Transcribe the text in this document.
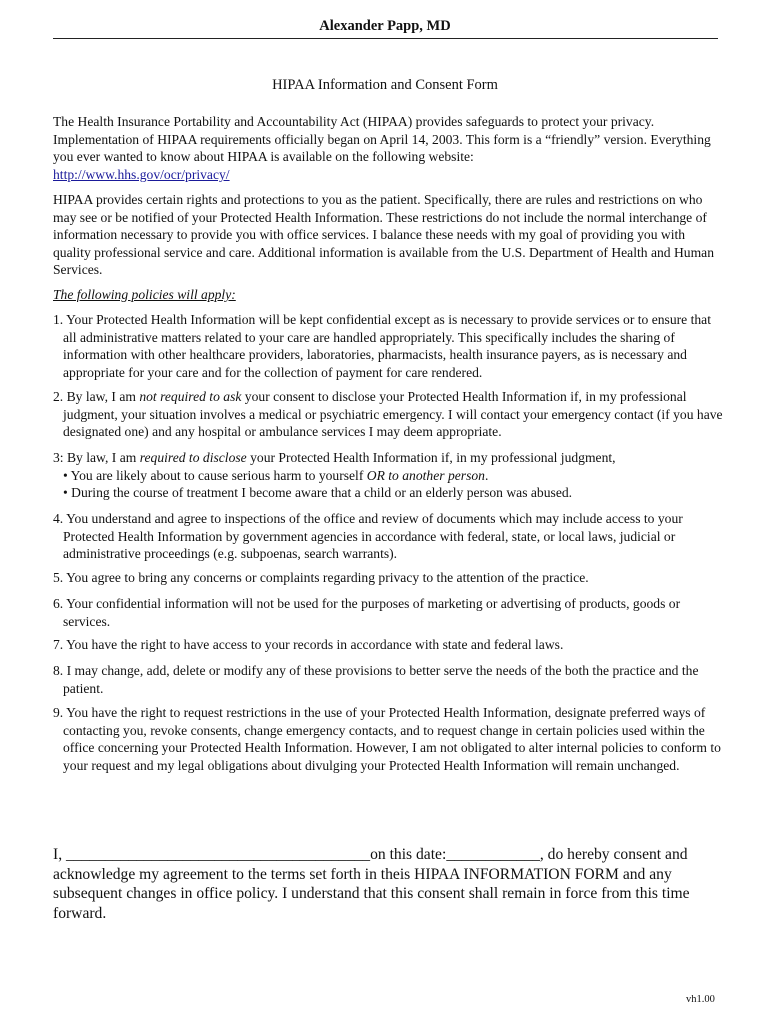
Alexander Papp, MD
HIPAA Information and Consent Form

The Health Insurance Portability and Accountability Act (HIPAA) provides safeguards to protect your privacy. Implementation of HIPAA requirements officially began on April 14, 2003. This form is a “friendly” version. Everything you ever wanted to know about HIPAA is available on the following website:

http://www.hhs.gov/ocr/privacy/

HIPAA provides certain rights and protections to you as the patient. Specifically, there are rules and restrictions on who may see or be notified of your Protected Health Information. These restrictions do not include the normal interchange of information necessary to provide you with office services. I balance these needs with my goal of providing you with quality professional service and care. Additional information is available from the U.S. Department of Health and Human Services.

The following policies will apply:

1. Your Protected Health Information will be kept confidential except as is necessary to provide services or to ensure that all administrative matters related to your care are handled appropriately. This specifically includes the sharing of information with other healthcare providers, laboratories, pharmacists, health insurance payers, as is necessary and appropriate for your care and for the collection of payment for care rendered.

2. By law, I am not required to ask your consent to disclose your Protected Health Information if, in my professional judgment, your situation involves a medical or psychiatric emergency. I will contact your emergency contact (if you have designated one) and any hospital or ambulance services I may deem appropriate.

3: By law, I am required to disclose your Protected Health Information if, in my professional judgment,

• You are likely about to cause serious harm to yourself OR to another person.

• During the course of treatment I become aware that a child or an elderly person was abused.

4. You understand and agree to inspections of the office and review of documents which may include access to your Protected Health Information by government agencies in accordance with federal, state, or local laws, judicial or administrative proceedings (e.g. subpoenas, search warrants).

5. You agree to bring any concerns or complaints regarding privacy to the attention of the practice.

6. Your confidential information will not be used for the purposes of marketing or advertising of products, goods or services.

7. You have the right to have access to your records in accordance with state and federal laws.

8. I may change, add, delete or modify any of these provisions to better serve the needs of the both the practice and the patient.

9. You have the right to request restrictions in the use of your Protected Health Information, designate preferred ways of contacting you, revoke consents, change emergency contacts, and to request change in certain policies used within the office concerning your Protected Health Information. However, I am not obligated to alter internal policies to conform to your request and my legal obligations about divulging your Protected Health Information will remain unchanged.

I, _______________________________________on this date:____________, do hereby consent and acknowledge my agreement to the terms set forth in theis HIPAA INFORMATION FORM and any subsequent changes in office policy. I understand that this consent shall remain in force from this time forward.
vh1.00
